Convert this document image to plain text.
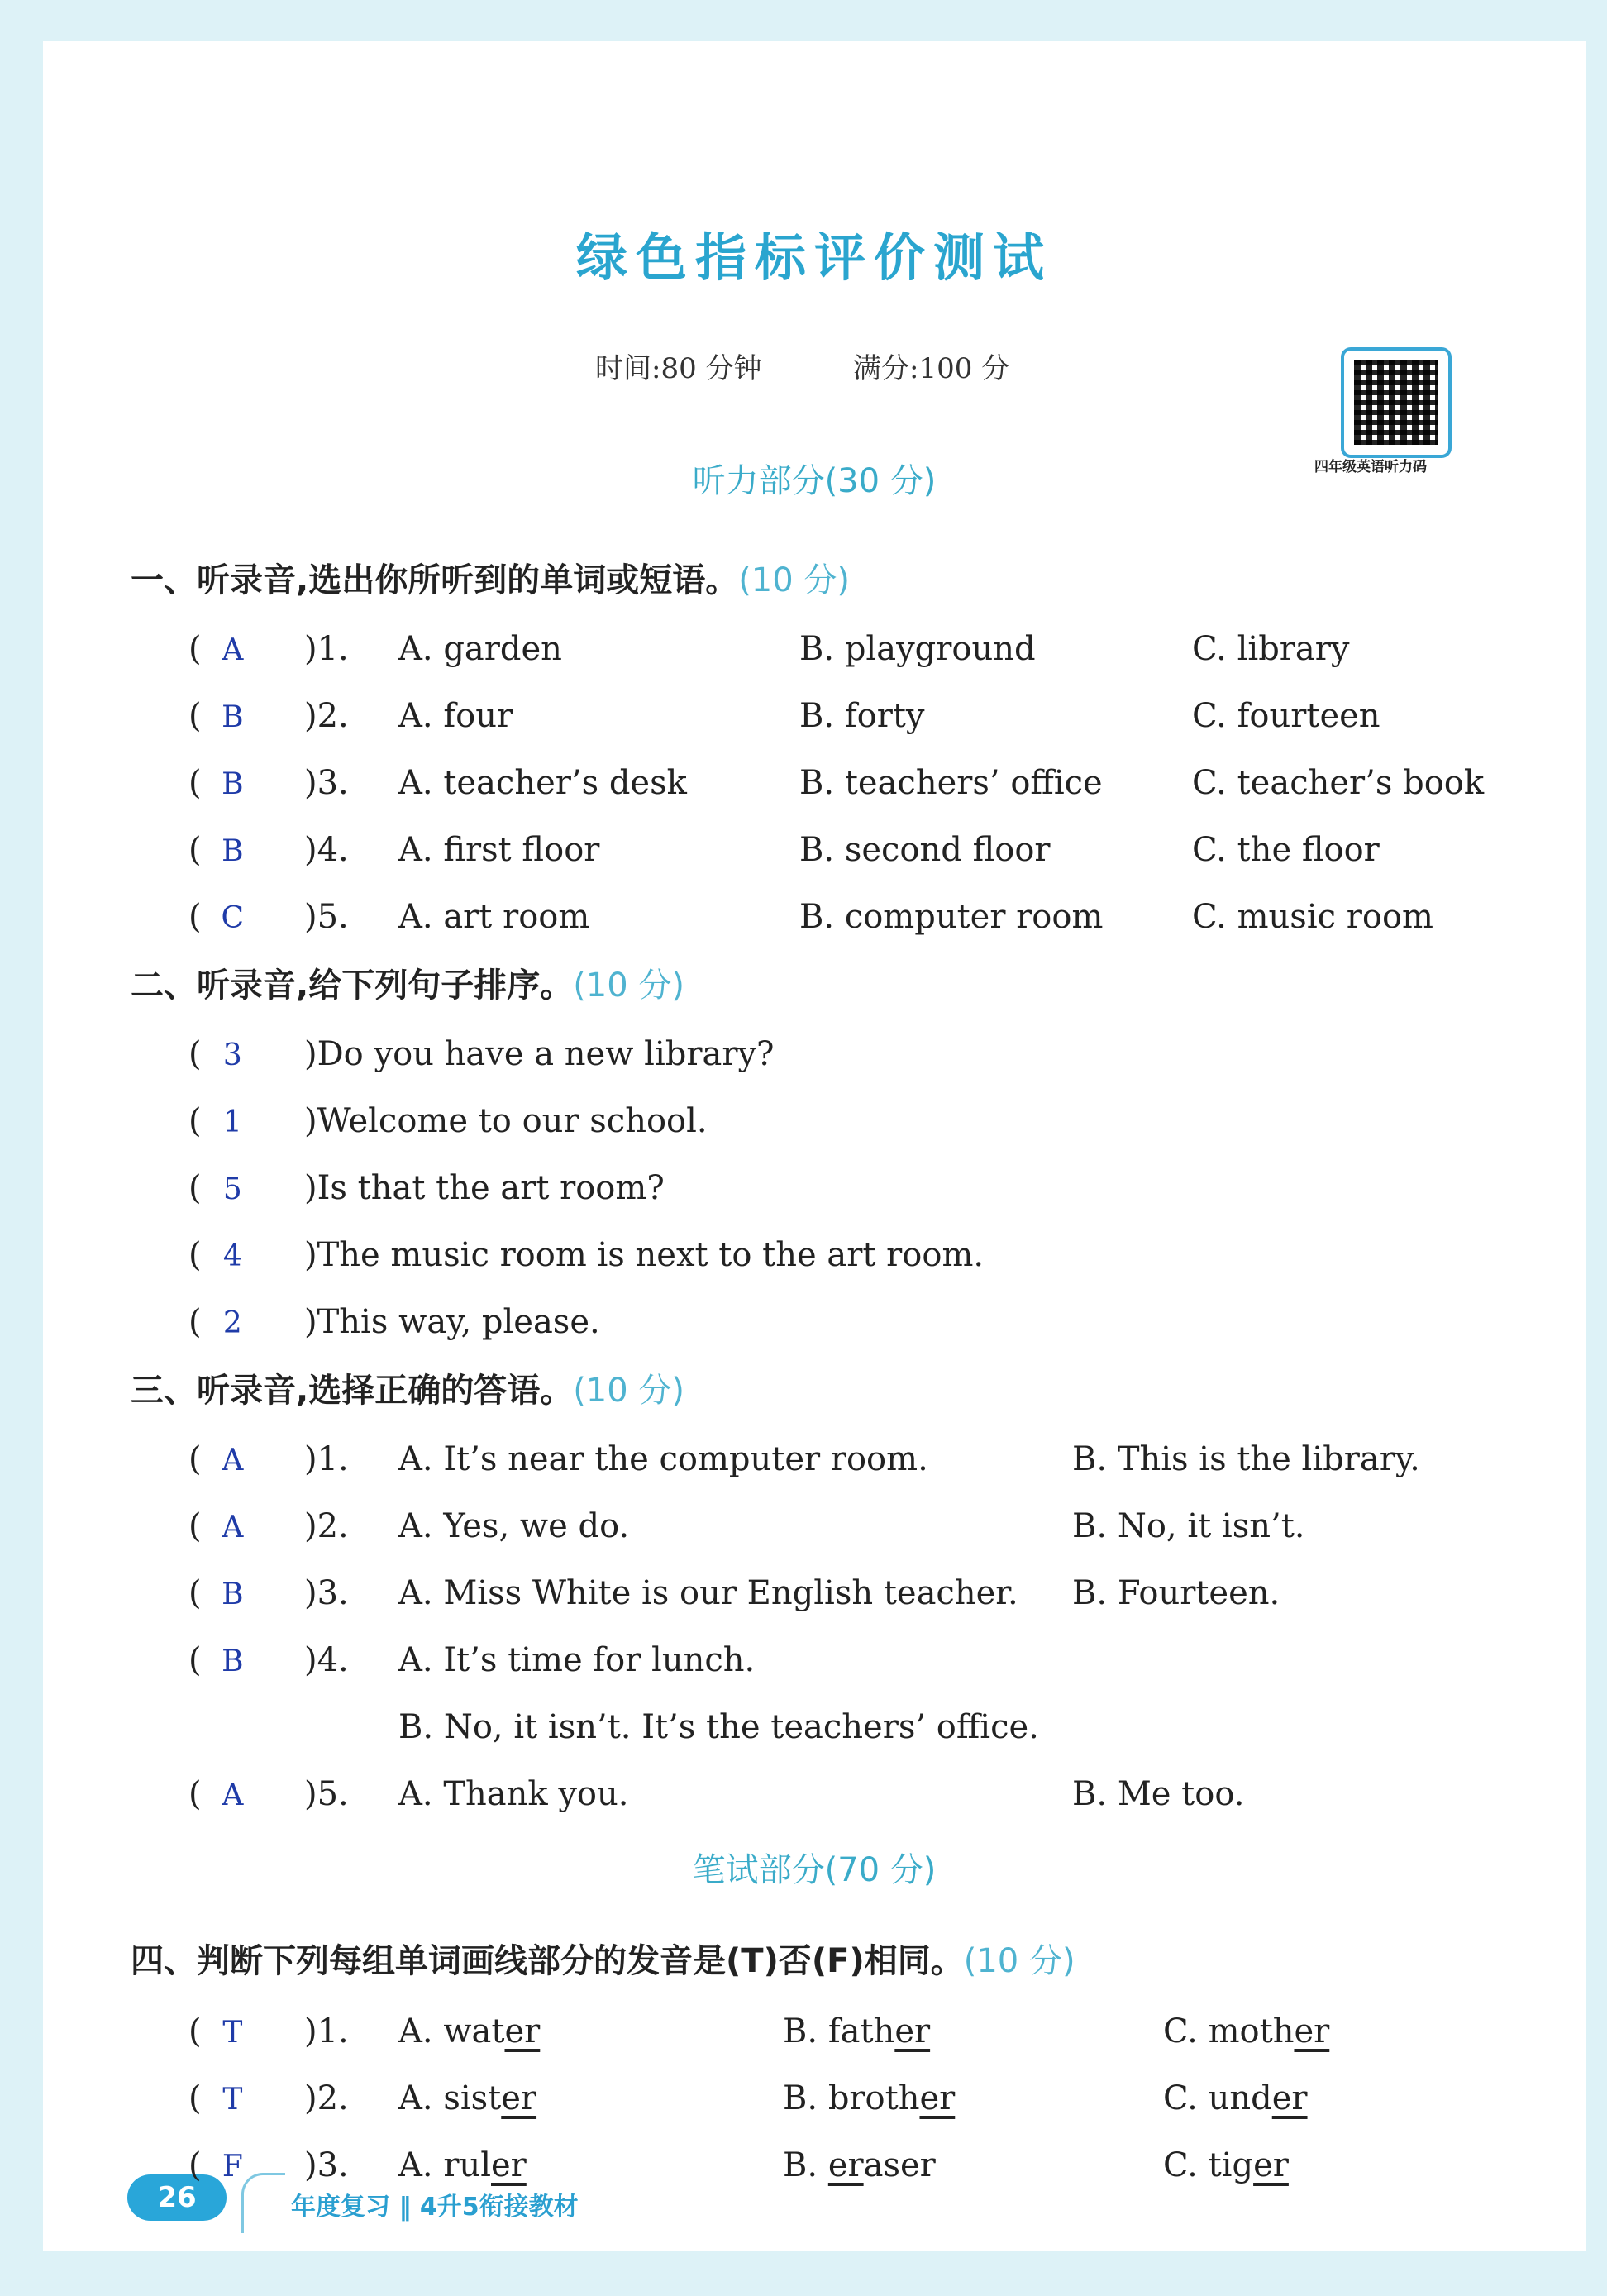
绿色指标评价测试
时间:80 分钟	满分:100 分
四年级英语听力码
听力部分(30 分)
一、听录音,选出你所听到的单词或短语。(10 分)
二、听录音,给下列句子排序。(10 分)
三、听录音,选择正确的答语。(10 分)
笔试部分(70 分)
四、判断下列每组单词画线部分的发音是(T)否(F)相同。(10 分)
26	年度复习 ‖ 4升5衔接教材
( A )1. A. garden	B. playground	C. library
( B )2. A. four	B. forty	C. fourteen
( B )3. A. teacher’s desk	B. teachers’ office	C. teacher’s book
( B )4. A. first floor	B. second floor	C. the floor
( C )5. A. art room	B. computer room	C. music room
( 3	)Do you have a new library?
( 1	)Welcome to our school.
( 5	)Is that the art room?
( 4	)The music room is next to the art room.
( 2	)This way, please.
( A )1. A. It’s near the computer room.	B. This is the library.
( A )2. A. Yes, we do.	B. No, it isn’t.
( B )3. A. Miss White is our English teacher. B. Fourteen.
( B )4. A. It’s time for lunch.
B. No, it isn’t. It’s the teachers’ office.
( A )5. A. Thank you.	B. Me too.
( T )1. A. water	B. father	C. mother
( T )2. A. sister	B. brother	C. under
( F )3. A. ruler	B. eraser	C. tiger
